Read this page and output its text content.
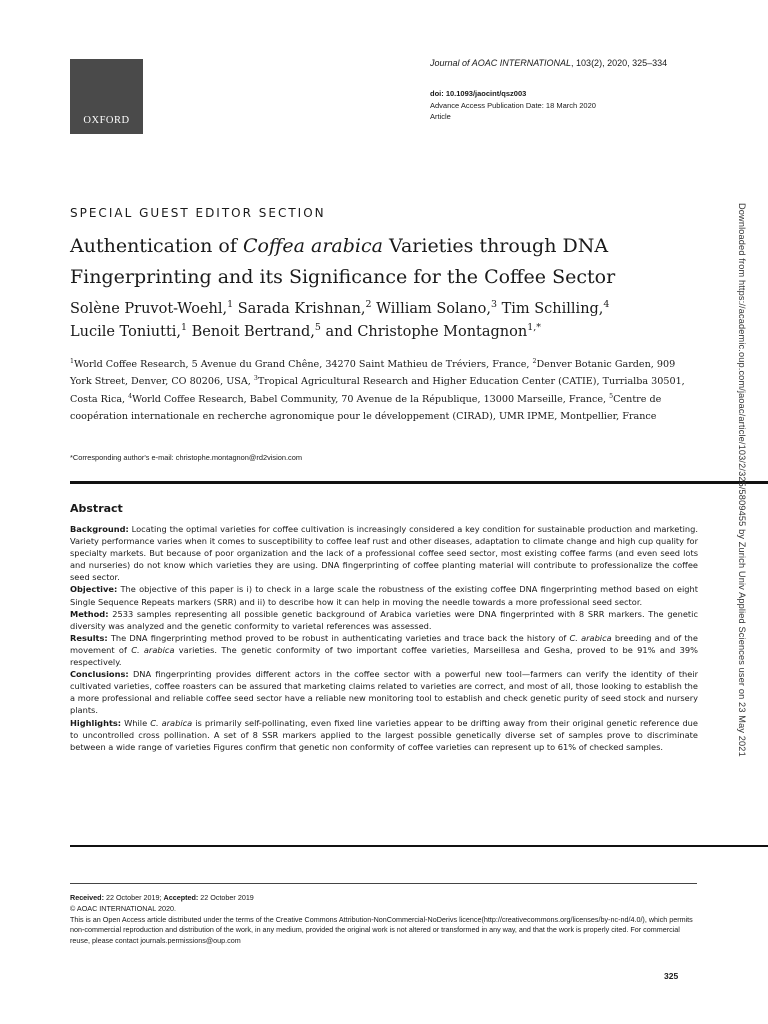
OXFORD
Journal of AOAC INTERNATIONAL, 103(2), 2020, 325–334
doi: 10.1093/jaocint/qsz003
Advance Access Publication Date: 18 March 2020
Article
SPECIAL GUEST EDITOR SECTION
Authentication of Coffea arabica Varieties through DNA Fingerprinting and its Significance for the Coffee Sector
Solène Pruvot-Woehl,$^1$ Sarada Krishnan,$^2$ William Solano,$^3$ Tim Schilling,$^4$
Lucile Toniutti,$^1$ Benoit Bertrand,$^5$ and Christophe Montagnon$^{1,*}$
$^1$World Coffee Research, 5 Avenue du Grand Chêne, 34270 Saint Mathieu de Tréviers, France, $^2$Denver Botanic Garden, 909 York Street, Denver, CO 80206, USA, $^3$Tropical Agricultural Research and Higher Education Center (CATIE), Turrialba 30501, Costa Rica, $^4$World Coffee Research, Babel Community, 70 Avenue de la République, 13000 Marseille, France, $^5$Centre de coopération internationale en recherche agronomique pour le développement (CIRAD), UMR IPME, Montpellier, France
*Corresponding author's e-mail: christophe.montagnon@rd2vision.com
Abstract

Background: Locating the optimal varieties for coffee cultivation is increasingly considered a key condition for sustainable production and marketing. Variety performance varies when it comes to susceptibility to coffee leaf rust and other diseases, adaptation to climate change and high cup quality for specialty markets. But because of poor organization and the lack of a professional coffee seed sector, most existing coffee farms (and even seed lots and nurseries) do not know which varieties they are using. DNA fingerprinting of coffee planting material will contribute to professionalize the coffee seed sector.

Objective: The objective of this paper is i) to check in a large scale the robustness of the existing coffee DNA fingerprinting method based on eight Single Sequence Repeats markers (SRR) and ii) to describe how it can help in moving the needle towards a more professional seed sector.

Method: 2533 samples representing all possible genetic background of Arabica varieties were DNA fingerprinted with 8 SRR markers. The genetic diversity was analyzed and the genetic conformity to varietal references was assessed.

Results: The DNA fingerprinting method proved to be robust in authenticating varieties and trace back the history of C. arabica breeding and of the movement of C. arabica varieties. The genetic conformity of two important coffee varieties, Marseillesa and Gesha, proved to be 91% and 39% respectively.

Conclusions: DNA fingerprinting provides different actors in the coffee sector with a powerful new tool—farmers can verify the identity of their cultivated varieties, coffee roasters can be assured that marketing claims related to varieties are correct, and most of all, those looking to establish the a more professional and reliable coffee seed sector have a reliable new monitoring tool to establish and check genetic purity of seed stock and nursery plants.

Highlights: While C. arabica is primarily self-pollinating, even fixed line varieties appear to be drifting away from their original genetic reference due to uncontrolled cross pollination. A set of 8 SSR markers applied to the largest possible genetically diverse set of samples prove to discriminate between a wide range of varieties Figures confirm that genetic non conformity of coffee varieties can represent up to 61% of checked samples.

Received: 22 October 2019; Accepted: 22 October 2019
© AOAC INTERNATIONAL 2020.
This is an Open Access article distributed under the terms of the Creative Commons Attribution-NonCommercial-NoDerivs licence(http://creativecommons.org/licenses/by-nc-nd/4.0/), which permits non-commercial reproduction and distribution of the work, in any medium, provided the original work is not altered or transformed in any way, and that the work is properly cited. For commercial reuse, please contact journals.permissions@oup.com
325
Downloaded from https://academic.oup.com/jaoac/article/103/2/325/5809455 by Zurich Univ Applied Sciences user on 23 May 2021
